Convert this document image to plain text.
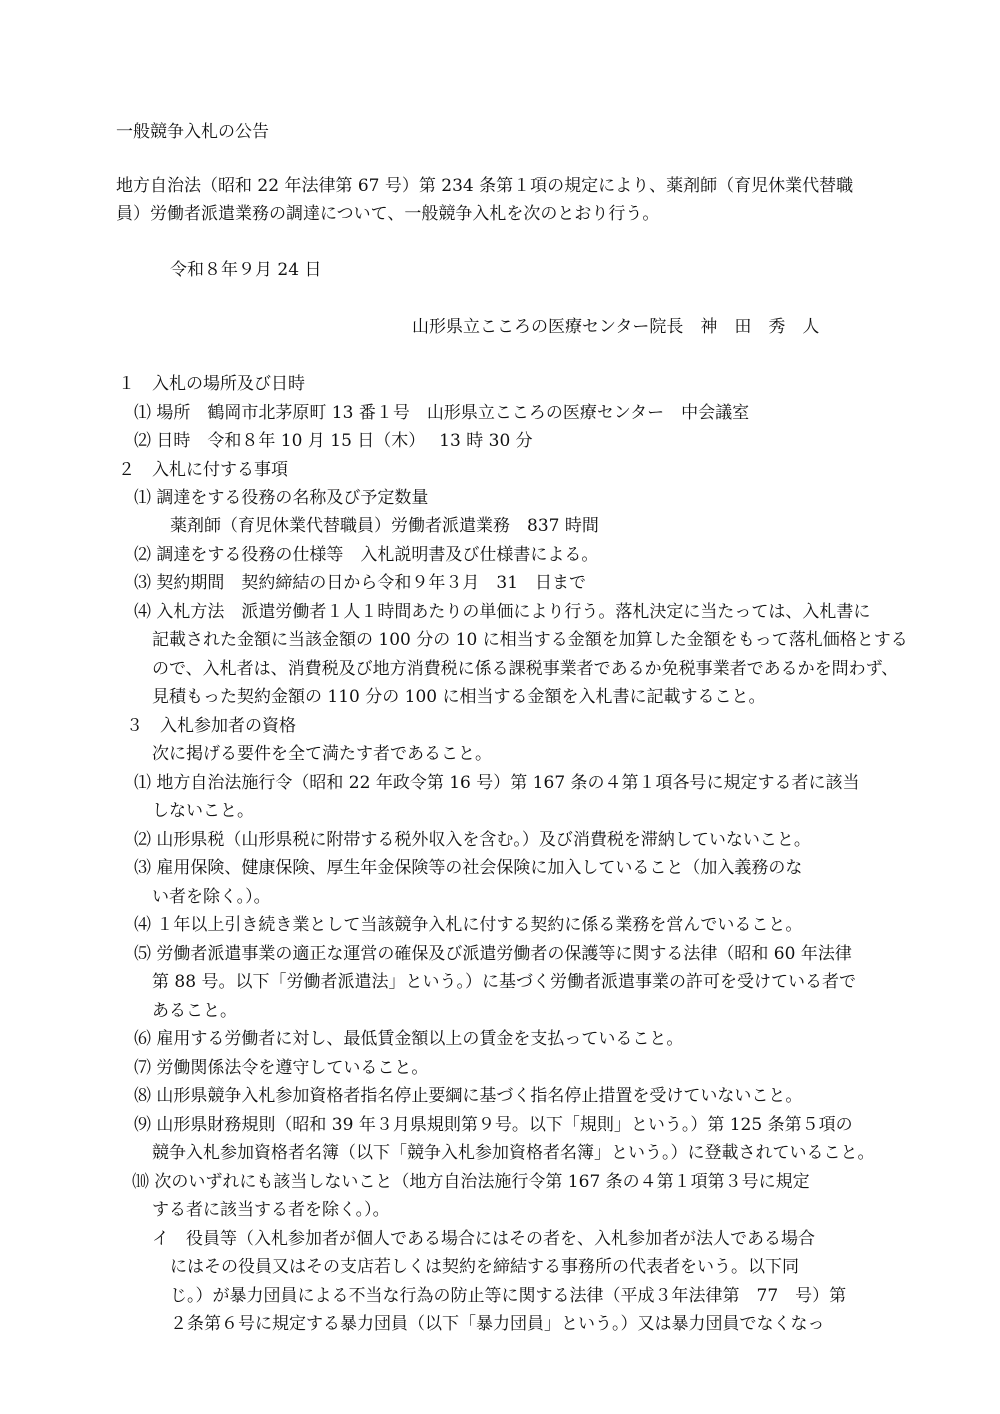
一般競争入札の公告
地方自治法（昭和 22 年法律第 67 号）第 234 条第１項の規定により、薬剤師（育児休業代替職
員）労働者派遣業務の調達について、一般競争入札を次のとおり行う。
令和８年９月 24 日
山形県立こころの医療センター院長　神　田　秀　人
１　入札の場所及び日時
⑴ 場所　鶴岡市北茅原町 13 番１号　山形県立こころの医療センター　中会議室
⑵ 日時　令和８年 10 月 15 日（木）　 13 時 30 分
２　入札に付する事項
⑴ 調達をする役務の名称及び予定数量
薬剤師（育児休業代替職員）労働者派遣業務　837 時間
⑵ 調達をする役務の仕様等　入札説明書及び仕様書による。
⑶ 契約期間　契約締結の日から令和９年３月　31　日まで
⑷ 入札方法　派遣労働者１人１時間あたりの単価により行う。落札決定に当たっては、入札書に
記載された金額に当該金額の 100 分の 10 に相当する金額を加算した金額をもって落札価格とする
ので、入札者は、消費税及び地方消費税に係る課税事業者であるか免税事業者であるかを問わず、
見積もった契約金額の 110 分の 100 に相当する金額を入札書に記載すること。
３　入札参加者の資格
次に掲げる要件を全て満たす者であること。
⑴ 地方自治法施行令（昭和 22 年政令第 16 号）第 167 条の４第１項各号に規定する者に該当
しないこと。
⑵ 山形県税（山形県税に附帯する税外収入を含む。）及び消費税を滞納していないこと。
⑶ 雇用保険、健康保険、厚生年金保険等の社会保険に加入していること（加入義務のな
い者を除く。）。
⑷ １年以上引き続き業として当該競争入札に付する契約に係る業務を営んでいること。
⑸ 労働者派遣事業の適正な運営の確保及び派遣労働者の保護等に関する法律（昭和 60 年法律
第 88 号。以下「労働者派遣法」という。）に基づく労働者派遣事業の許可を受けている者で
あること。
⑹ 雇用する労働者に対し、最低賃金額以上の賃金を支払っていること。
⑺ 労働関係法令を遵守していること。
⑻ 山形県競争入札参加資格者指名停止要綱に基づく指名停止措置を受けていないこと。
⑼ 山形県財務規則（昭和 39 年３月県規則第９号。以下「規則」という。）第 125 条第５項の
競争入札参加資格者名簿（以下「競争入札参加資格者名簿」という。）に登載されていること。
⑽ 次のいずれにも該当しないこと（地方自治法施行令第 167 条の４第１項第３号に規定
する者に該当する者を除く。）。
イ　役員等（入札参加者が個人である場合にはその者を、入札参加者が法人である場合
にはその役員又はその支店若しくは契約を締結する事務所の代表者をいう。以下同
じ。）が暴力団員による不当な行為の防止等に関する法律（平成３年法律第　77　号）第
２条第６号に規定する暴力団員（以下「暴力団員」という。）又は暴力団員でなくなっ
